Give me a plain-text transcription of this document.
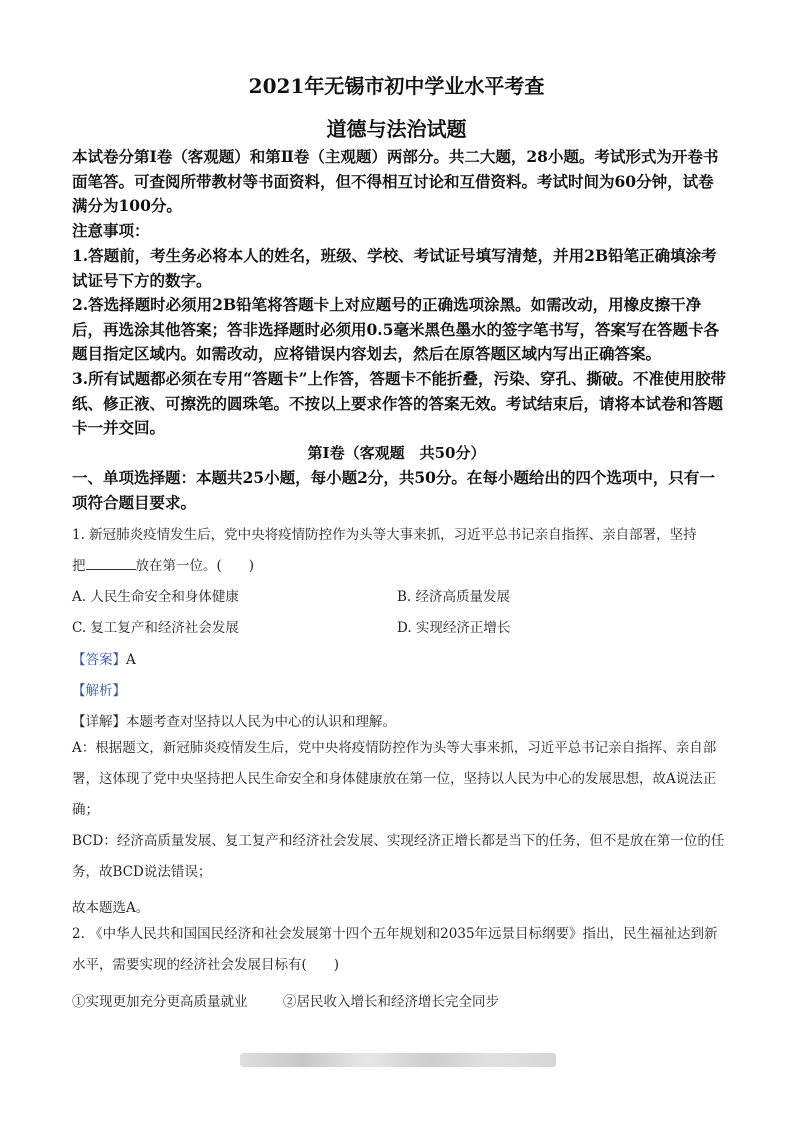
2021年无锡市初中学业水平考查
道德与法治试题
本试卷分第Ⅰ卷（客观题）和第Ⅱ卷（主观题）两部分。共二大题，28小题。考试形式为开卷书面笔答。可查阅所带教材等书面资料，但不得相互讨论和互借资料。考试时间为60分钟，试卷满分为100分。
注意事项：
1.答题前，考生务必将本人的姓名，班级、学校、考试证号填写清楚，并用2B铅笔正确填涂考试证号下方的数字。
2.答选择题时必须用2B铅笔将答题卡上对应题号的正确选项涂黑。如需改动，用橡皮擦干净后，再选涂其他答案；答非选择题时必须用0.5毫米黑色墨水的签字笔书写，答案写在答题卡各题目指定区域内。如需改动，应将错误内容划去，然后在原答题区域内写出正确答案。
3.所有试题都必须在专用“答题卡”上作答，答题卡不能折叠，污染、穿孔、撕破。不准使用胶带纸、修正液、可擦洗的圆珠笔。不按以上要求作答的答案无效。考试结束后，请将本试卷和答题卡一并交回。
第Ⅰ卷（客观题　共50分）
一、单项选择题：本题共25小题，每小题2分，共50分。在每小题给出的四个选项中，只有一项符合题目要求。
1. 新冠肺炎疫情发生后，党中央将疫情防控作为头等大事来抓，习近平总书记亲自指挥、亲自部署，坚持
把	放在第一位。(　　)
A. 人民生命安全和身体健康	B. 经济高质量发展
C. 复工复产和经济社会发展	D. 实现经济正增长
【答案】A
【解析】
【详解】本题考查对坚持以人民为中心的认识和理解。
A：根据题文，新冠肺炎疫情发生后，党中央将疫情防控作为头等大事来抓，习近平总书记亲自指挥、亲自部署，这体现了党中央坚持把人民生命安全和身体健康放在第一位，坚持以人民为中心的发展思想，故A说法正确；
BCD：经济高质量发展、复工复产和经济社会发展、实现经济正增长都是当下的任务，但不是放在第一位的任务，故BCD说法错误；
故本题选A。
2. 《中华人民共和国国民经济和社会发展第十四个五年规划和2035年远景目标纲要》指出，民生福祉达到新水平，需要实现的经济社会发展目标有(　　)
①实现更加充分更高质量就业	②居民收入增长和经济增长完全同步
